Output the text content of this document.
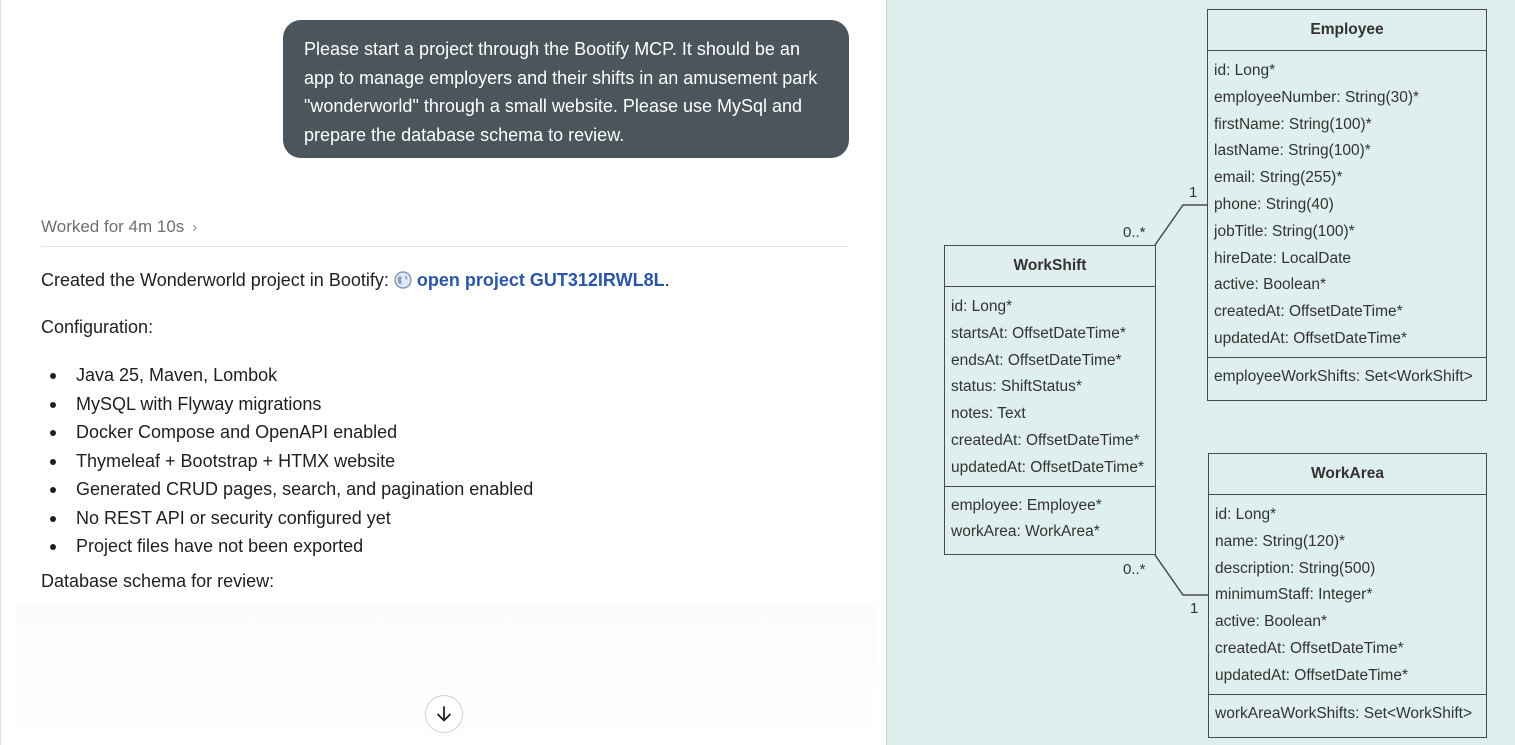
Please start a project through the Bootify MCP. It should be an app to manage employers and their shifts in an amusement park "wonderworld" through a small website. Please use MySql and prepare the database schema to review.
Worked for 4m 10s ›
Created the Wonderworld project in Bootify: open project GUT312IRWL8L.
Configuration:
Java 25, Maven, Lombok
MySQL with Flyway migrations
Docker Compose and OpenAPI enabled
Thymeleaf + Bootstrap + HTMX website
Generated CRUD pages, search, and pagination enabled
No REST API or security configured yet
Project files have not been exported
Database schema for review:
1
0..*
0..*
1
Employee
id: Long*
employeeNumber: String(30)*
firstName: String(100)*
lastName: String(100)*
email: String(255)*
phone: String(40)
jobTitle: String(100)*
hireDate: LocalDate
active: Boolean*
createdAt: OffsetDateTime*
updatedAt: OffsetDateTime*
employeeWorkShifts: Set<WorkShift>
WorkShift
id: Long*
startsAt: OffsetDateTime*
endsAt: OffsetDateTime*
status: ShiftStatus*
notes: Text
createdAt: OffsetDateTime*
updatedAt: OffsetDateTime*
employee: Employee*
workArea: WorkArea*
WorkArea
id: Long*
name: String(120)*
description: String(500)
minimumStaff: Integer*
active: Boolean*
createdAt: OffsetDateTime*
updatedAt: OffsetDateTime*
workAreaWorkShifts: Set<WorkShift>
